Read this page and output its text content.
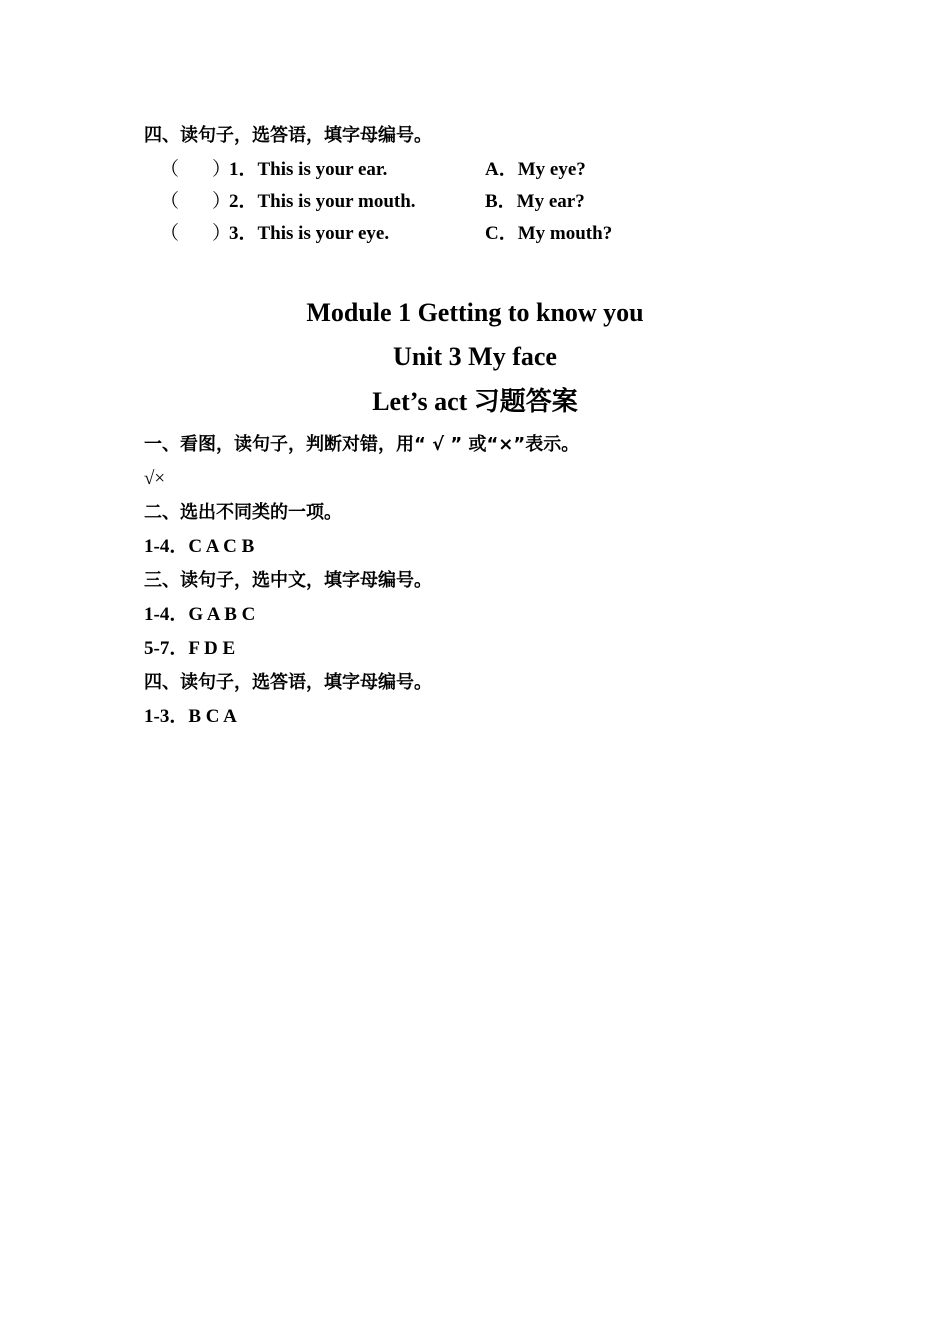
四、读句子，选答语，填字母编号。
（ ）
1．This is your ear.	A．My eye?
（ ）
2．This is your mouth.	B．My ear?
（ ）
3．This is your eye.	C．My mouth?
Module 1 Getting to know you
Unit 3 My face
Let’s act 习题答案
一、看图，读句子，判断对错，用“ √ ” 或“×”表示。
√×
二、选出不同类的一项。
1-4．C A C B
三、读句子，选中文，填字母编号。
1-4．G A B C
5-7．F D E
四、读句子，选答语，填字母编号。
1-3．B C A
